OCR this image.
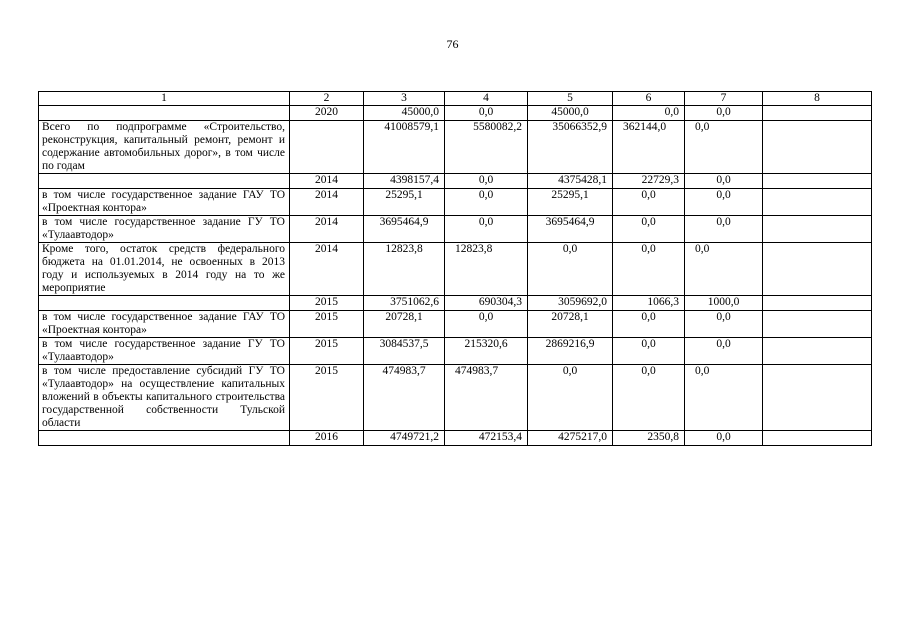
76
1	2	3	4	5	6	7	8
	2020	45000,0	0,0	45000,0	0,0	0,0	
Всего по подпрограмме «Строительство, реконструкция, капитальный ремонт, ремонт и содержание автомобильных дорог», в том числе по годам		41008579,1	5580082,2	35066352,9	362144,0	0,0	
	2014	4398157,4	0,0	4375428,1	22729,3	0,0	
в том числе государственное задание ГАУ ТО «Проектная контора»	2014	25295,1	0,0	25295,1	0,0	0,0	
в том числе государственное задание ГУ ТО «Тулаавтодор»	2014	3695464,9	0,0	3695464,9	0,0	0,0	
Кроме того, остаток средств федерального бюджета на 01.01.2014, не освоенных в 2013 году и используемых в 2014 году на то же мероприятие	2014	12823,8	12823,8	0,0	0,0	0,0	
	2015	3751062,6	690304,3	3059692,0	1066,3	1000,0	
в том числе государственное задание ГАУ ТО «Проектная контора»	2015	20728,1	0,0	20728,1	0,0	0,0	
в том числе государственное задание ГУ ТО «Тулаавтодор»	2015	3084537,5	215320,6	2869216,9	0,0	0,0	
в том числе предоставление субсидий ГУ ТО «Тулаавтодор» на осуществление капитальных вложений в объекты капитального строительства государственной собственности Тульской области	2015	474983,7	474983,7	0,0	0,0	0,0	
	2016	4749721,2	472153,4	4275217,0	2350,8	0,0	
